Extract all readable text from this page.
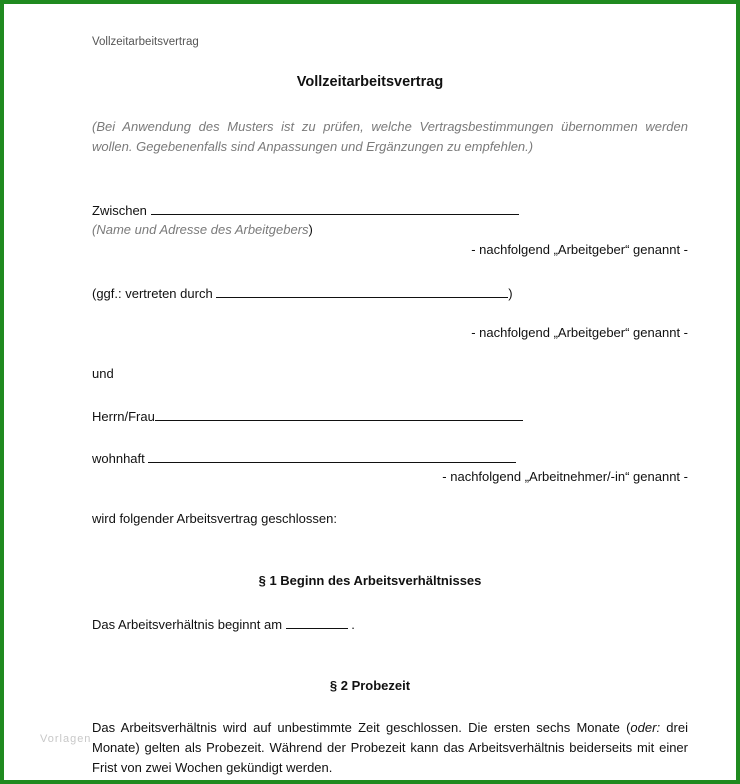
Vollzeitarbeitsvertrag
Vollzeitarbeitsvertrag
(Bei Anwendung des Musters ist zu prüfen, welche Vertragsbestimmungen übernommen werden wollen. Gegebenenfalls sind Anpassungen und Ergänzungen zu empfehlen.)
Zwischen
(Name und Adresse des Arbeitgebers)
- nachfolgend „Arbeitgeber“ genannt -
(ggf.: vertreten durch	)
- nachfolgend „Arbeitgeber“ genannt -
und
Herrn/Frau
wohnhaft
- nachfolgend „Arbeitnehmer/-in“ genannt -
wird folgender Arbeitsvertrag geschlossen:
§ 1 Beginn des Arbeitsverhältnisses
Das Arbeitsverhältnis beginnt am	.
§ 2 Probezeit
Das Arbeitsverhältnis wird auf unbestimmte Zeit geschlossen. Die ersten sechs Monate (oder: drei Monate) gelten als Probezeit. Während der Probezeit kann das Arbeitsverhältnis beiderseits mit einer Frist von zwei Wochen gekündigt werden.
Vorlagen
